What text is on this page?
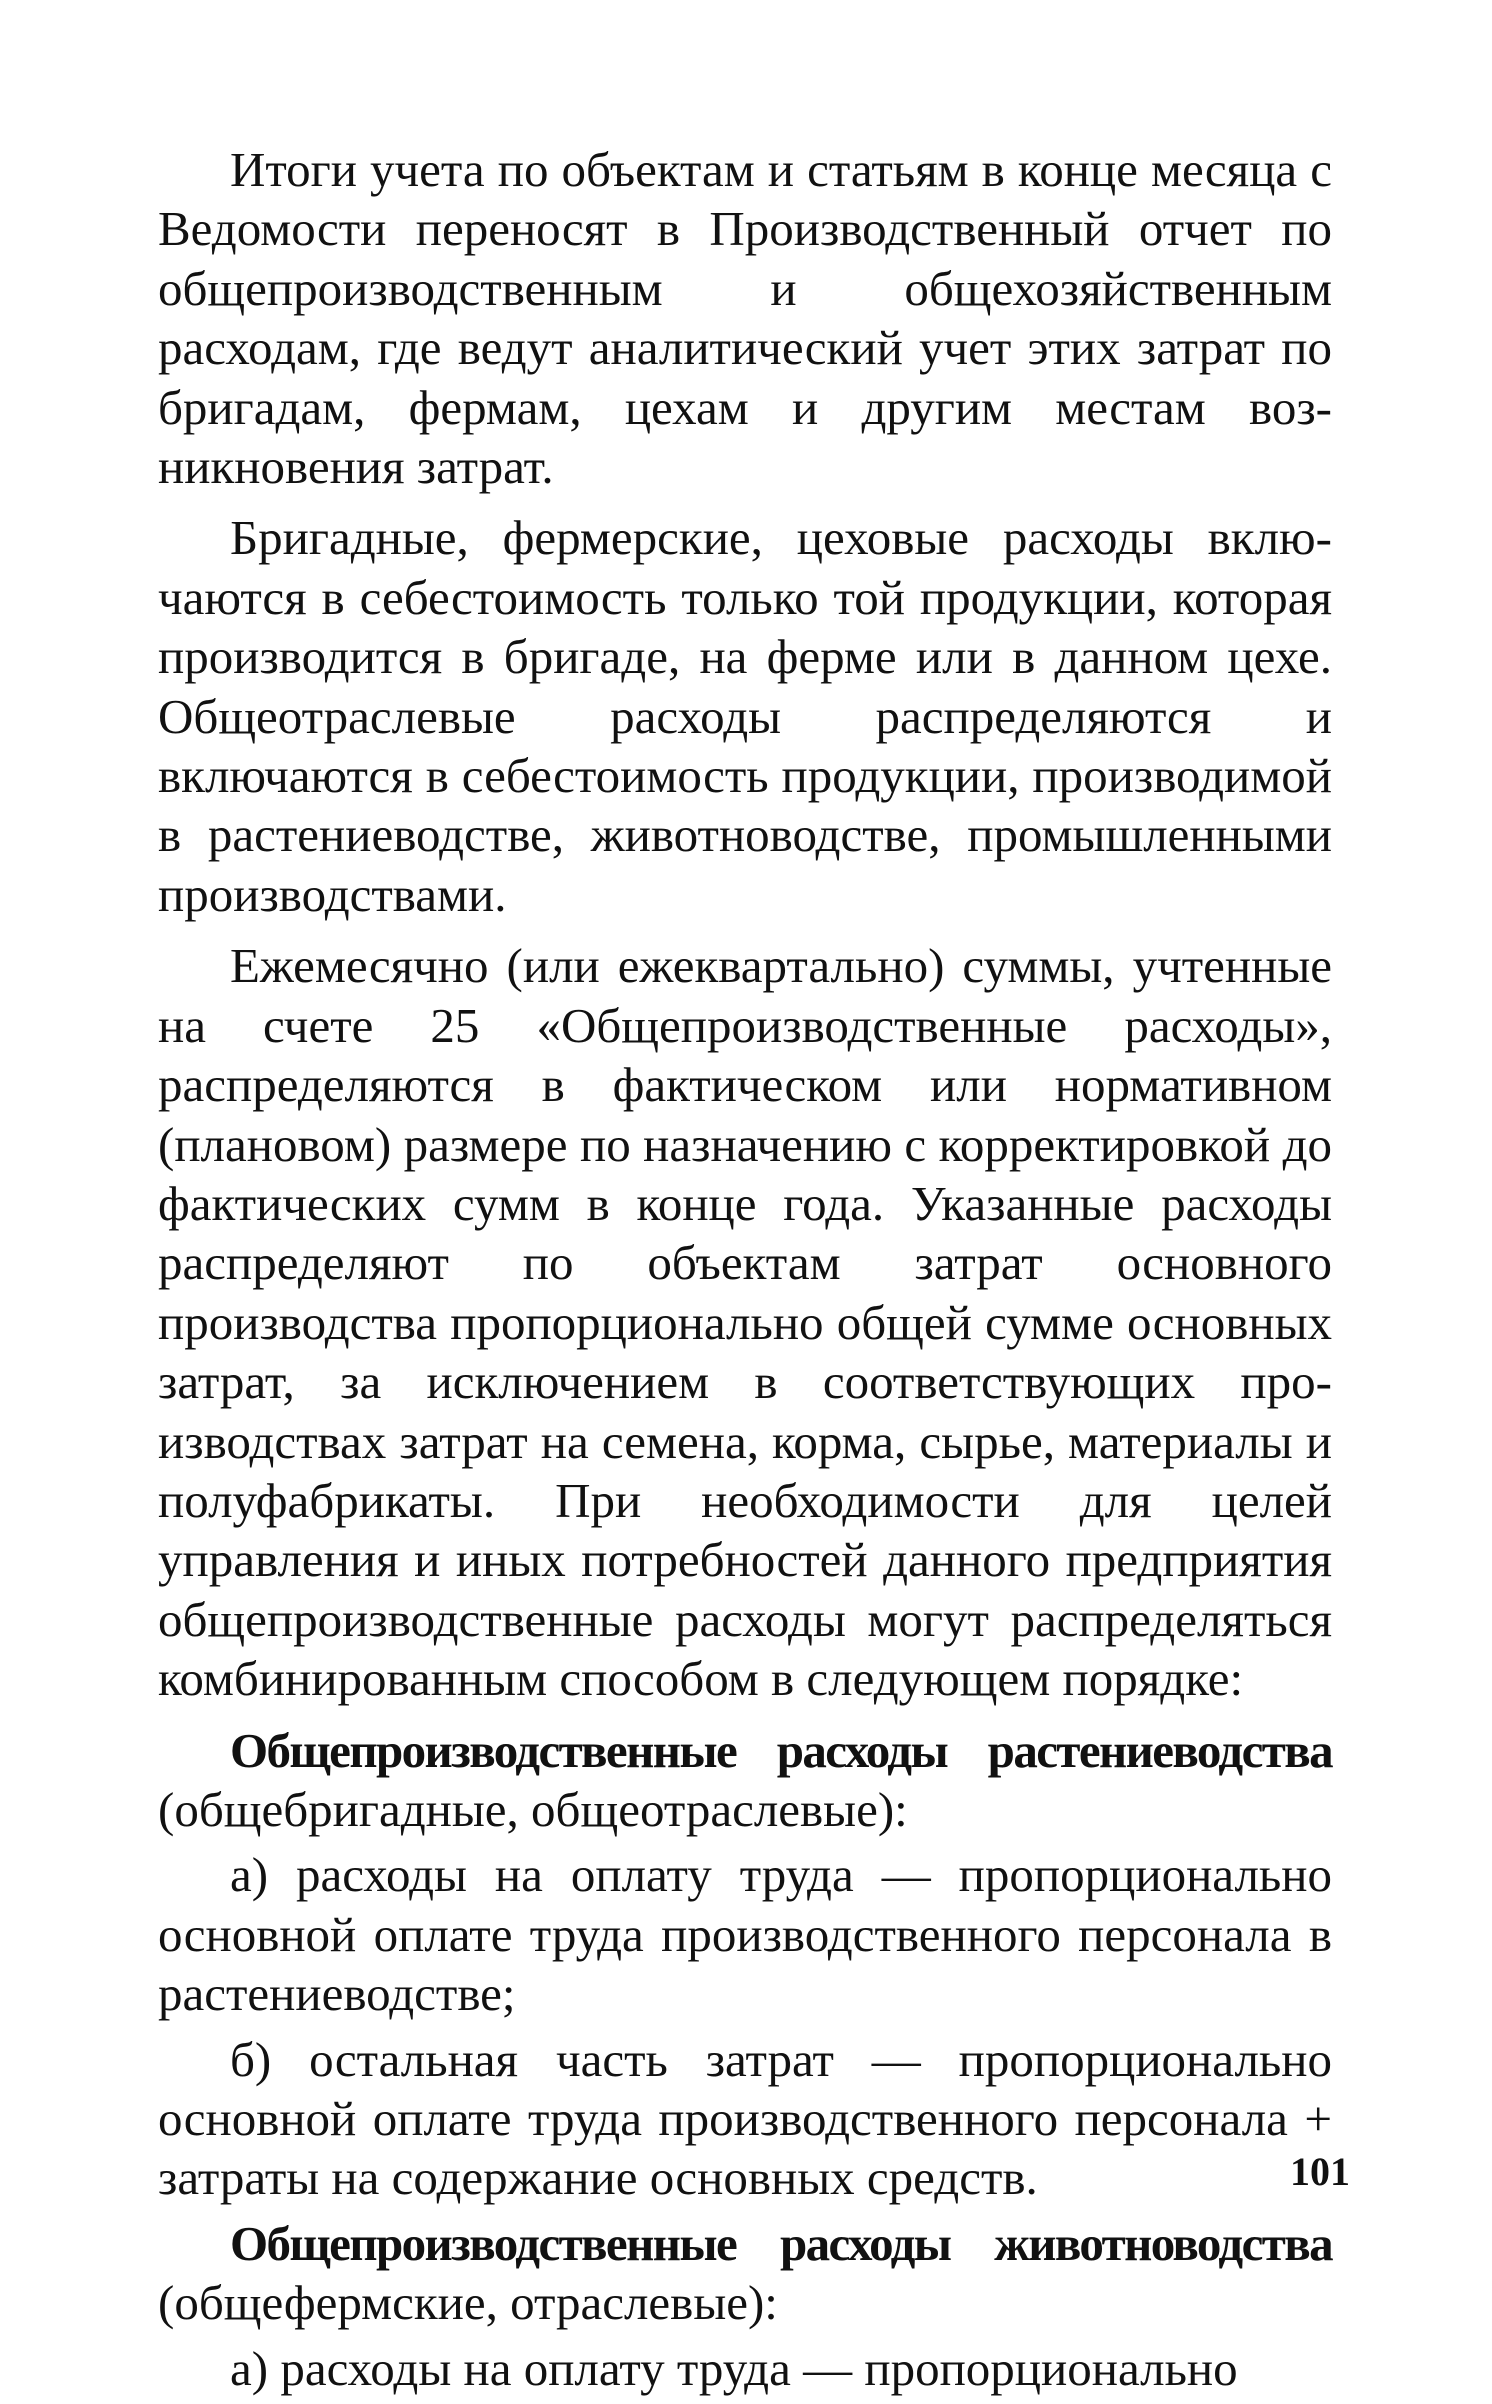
Итоги учета по объектам и статьям в конце месяца с Ведомости переносят в Производственный отчет по общепроизводственным и общехозяйственным расходам, где ведут аналитический учет этих затрат по бригадам, фермам, цехам и другим местам возникновения затрат.

Бригадные, фермерские, цеховые расходы включаются в себестоимость только той продукции, которая производится в бригаде, на ферме или в данном цехе. Общеотраслевые расходы распределяются и включаются в себестоимость продукции, производимой в растениеводстве, животноводстве, промышленными производствами.

Ежемесячно (или ежеквартально) суммы, учтенные на счете 25 «Общепроизводственные расходы», распределяются в фактическом или нормативном (плановом) размере по назначению с корректировкой до фактических сумм в конце года. Указанные расходы распределяют по объектам затрат основного производства пропорционально общей сумме основных затрат, за исключением в соответствующих производствах затрат на семена, корма, сырье, материалы и полуфабрикаты. При необходимости для целей управления и иных потребностей данного предприятия общепроизводственные расходы могут распределяться комбинированным способом в следующем порядке:

Общепроизводственные расходы растениеводства (общебригадные, общеотраслевые):

а) расходы на оплату труда — пропорционально основной оплате труда производственного персонала в растениеводстве;

б) остальная часть затрат — пропорционально основной оплате труда производственного персонала + затраты на содержание основных средств.

Общепроизводственные расходы животноводства (общефермские, отраслевые):

а) расходы на оплату труда — пропорционально

101
